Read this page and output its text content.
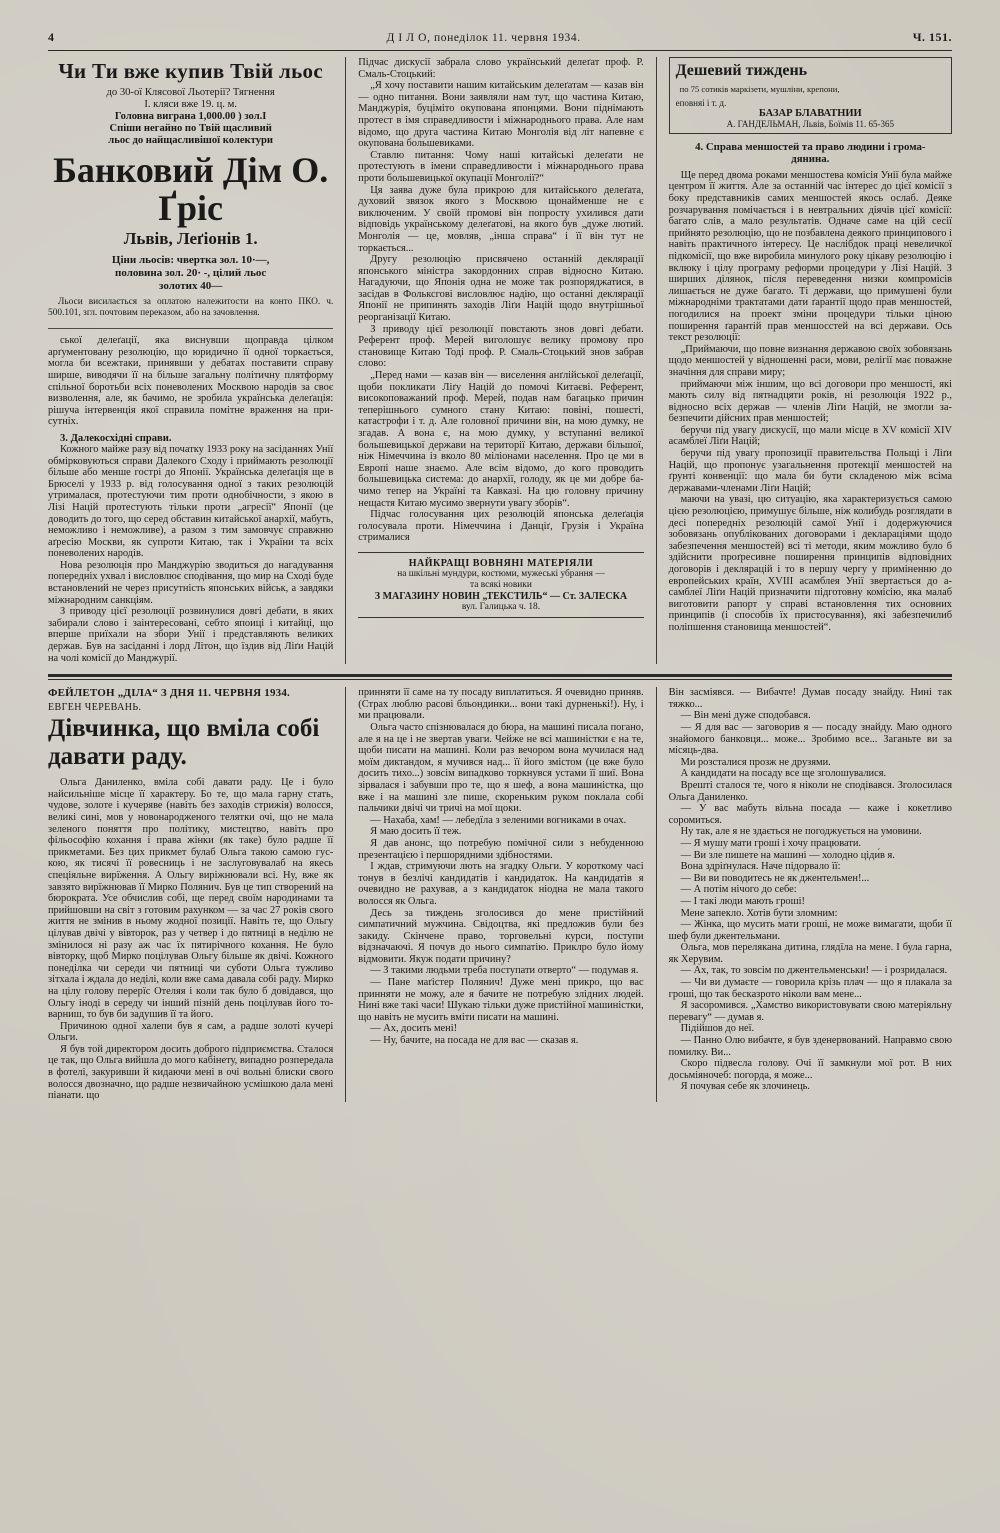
4	Д І Л О, понеділок 11. червня 1934.	Ч. 151.
Чи Ти вже купив Твій льос
до 30-ої Клясової Льотерії? Тягнення
І. кляси вже 19. ц. м.
Головна виграна 1,000.00 ) зол.І
Спіши негайно по Твій щасливий
льос до найщасливішої колектури
Банковий Дім О. Ґріс
Львів, Леґіонів 1.
Ціни льосів: чвертка зол. 10·—,
половина зол. 20· -, цілий льос
золотих 40—
Льоси висилається за оплатою належитости на конто ПКО. ч. 500.101, згл. почтовим переказом, або на зачовлення.

ської делеґації, яка виснувши щоправда цілком арґументовану резолюцію, що юридично її одної торкається, могла би всежтаки, принявши у дебатах поставити справу ширше, виводячи її на більше загальну політичну плятформу спільної боротьби всіх поневолених Москвою народів за своє визволення, але, як бачимо, не зробила українська делеґація: рішуча інтервенція якої справила помітне враження на присутніх.

3. Далекосхідні справи.

Кожного майже разу від початку 1933 року на засіданнях Унії обмірковуються справи Далекого Сходу і приймають резолюції більше або менше гострі до Японії. Українська делеґація ще в Брюселі у 1933 р. від голосування одної з таких резолюцій утрималася, протестуючи тим проти однобічности, з якою в Лізі Націй протестують тільки проти „агресії“ Японії (це доводить до того, що серед обставин китайської анархії, мабуть, неможливо і неможливе), а разом з тим замовчує справжню аґресію Москви, як супроти Китаю, так і України та всіх поневолених народів.

Нова резолюція про Манджурію зводиться до нагадування попередніх ухвал і висловлює сподівання, що мир на Сході буде встановлений не через присутність японських військ, а завдяки міжнародним санкціям.

З приводу цієї резолюції розвинулися довгі дебати, в яких забирали слово і заінтересовані, себто япоиці і китайці, що вперше приїхали на збори Унії і представляють великих держав. Був на засіданні і лорд Літон, що їздив від Ліґи Націй на чолі комісії до Манджурії.

Підчас дискусії забрала слово український делеґат проф. Р. Смаль-Стоцький:

„Я хочу поставити нашим китайським делеґатам — казав він — одно питання. Вони заявляли нам тут, що частина Китаю, Манджурія, буціміто окупована японцями. Вони піднімають протест в імя справедливости і міжнароднього права. Але нам відомо, що друга частина Китаю Монголія від літ напевне є окупована большевиками.

Ставлю питання: Чому наші китайські делеґати не протестують в імени справедливости і міжнароднього права проти большевицької окупації Монголії?“

Ця заява дуже була прикрою для китайського делеґата, духовий звязок якого з Москвою щонайменше не є виключеним. У своїй промові він попросту ухилився дати відповідь українському делеґатові, на якого був „дуже лютий. Монголія — це, мовляв, „інша справа“ і її він тут не торкається...

Другу резолюцію присвячено останній деклярації японського міністра закордонних справ відносно Китаю. Нагадуючи, що Японія одна не може так розпоряджатися, в засідав в Фольксгові висловлює надію, що останні деклярації Японії не припинять заходів Ліґи Націй щодо внутрішньої реорганізації Китаю.

З приводу цієї резолюції повстають знов довгі дебати. Референт проф. Мерей виголошує велику промову про становище Китаю Тоді проф. Р. Смаль-Стоцький знов забрав слово:

„Перед нами — казав він — виселення анґлійської делеґації, щоби покликати Ліґу Націй до помочі Китаєві. Референт, високоповажаний проф. Мерей, подав нам багацько причин теперішнього сумного стану Китаю: повіні, пошесті, катастрофи і т. д. Але головної причини він, на мою думку, не згадав. А вона є, на мою думку, у вступанні великої большевицької держави на території Китаю, держави більшої, ніж Німеччина із вколо 80 міліонами населення. Про це ми в Европі наше знаємо. Але всім відомо, до кого проводить большевицька система: до анархії, голоду, як це ми добре бачимо тепер на Україні та Кавказі. На цю головну причину нещастя Китаю мусимо звернути увагу зборів“.

Підчас голосування цих резолюцій японська делеґація голосувала проти. Німеччина і Данціґ, Грузія і Україна стрималися

НАЙКРАЩІ ВОВНЯНІ МАТЕРІЯЛИ
на шкільні мундури, костюми, мужеські убрання —
та всякі новики
З МАГАЗИНУ НОВИН „ТЕКСТИЛЬ“ — Ст. ЗАЛЕСКА
вул. Галицька ч. 18.
Дешевий тижденьпо 75 сотиків маркізети, мушліни, крепони,
еповняі і т. д.
БАЗАР БЛАВАТНИИ
А. ГАНДЕЛЬМАН, Львів, Боїмів 11. 65-365
4. Справа меншостей та право людини і грома-
дянина.

Ще перед двома роками меншостева комісія Унії була майже центром її життя. Але за останній час інтерес до цієї комісії з боку представників самих меншостей якось ослаб. Деяке розчарування помічається і в невтральних діячів цієї комісії: багато слів, а мало результатів. Одначе саме на цій сесії прийнято резолюцію, що не позбавлена деякого принципового і навіть практичного інтересу. Це наслібдок праці невеличкої підкомісії, що вже виробила минулого року цікаву резолюцію і вклюку і цілу програму реформи процедури у Лізі Націй. З ширших ділянок, після переведення низки компромісів лишається не дуже багато. Ті держави, що примушені були міжнародніми трактатами дати ґарантії щодо прав меншостей, погодилися на проект зміни процедури тільки ціною поширення ґарантій прав меншосстей на всі держави. Ось текст резолюції:

„Приймаючи, що повне визнання державою своїх зобовязань щодо меншостей у відношенні раси, мови, релігії має поважне значіння для справи миру;

приймаючи між іншим, що всі договори про меншості, які мають силу від пятнадцяти років, ні резолюція 1922 р., відносно всіх держав — членів Ліґи Націй, не змогли забезпечити дійсних прав меншостей;

беручи під увагу дискусії, що мали місце в XV комісії XIV асамблеї Ліґи Націй;

беручи під увагу пропозиції правительства Польщі і Ліґи Націй, що пропонує узагальнення протекції меншостей на ґрунті конвенції: що мала би бути складеною між всіма державами-членами Ліґи Націй;

маючи на увазі, цю ситуацію, яка характеризується самою цією резолюцією, примушує більше, ніж колибудь розглядати в десі попередніх резолюцій самої Унії і додержуючися зобовязань опублікованих договорами і деклараціями щодо забезпечення меншостей) всі ті методи, яким можливо було б здійснити проґресивне поширення принципів відповідних договорів і деклярацій і то в першу чергу у приміненню до европейських країн, XVIII асамблея Унії звертається до асамблеї Ліґи Націй призначити підготовну комісію, яка малаб виготовити рапорт у справі встановлення тих основних принципів (і способів їх пристосування), які забезпечилиб поліпшення становища меншостей“.

ФЕЙЛЕТОН „ДІЛА“ З ДНЯ 11. ЧЕРВНЯ 1934.
ЕВГЕН ЧЕРЕВАНЬ.
Дівчинка, що вміла собі давати раду.

Ольга Даниленко, вміла собі давати раду. Це і було найсильніше місце її характеру. Бо те, що мала гарну стать, чудове, золоте і кучеряве (навіть без заходів стрижія) волосся, великі сині, мов у новонародженого телятки очі, що не мала зеленого поняття про політику, мистецтво, навіть про фільософію кохання і права жінки (як таке) було радше її прикметами. Без цих прикмет булаб Ольга такою самою гускою, як тисячі її ровесниць і не заслуговувалаб на якесь спеціяльне вирїження. А Ольгу виріжнювали всі. Ну, вже як завзято вирїжнював її Мирко Полянич. Був це тип створений на бюрократа. Усе обчислив собі, ще перед своїм народинами та прийшовши на світ з готовим рахунком — за час 27 років свого життя не змінив в ньому жодної позиції. Навіть те, що Ольгу цілував двічі у вівторок, раз у четвер і до пятниці в неділю не змінилося ні разу аж час їх пятирічного кохання. Не було вівторку, щоб Мирко поцілував Ольгу більше як двічі. Кожного понеділка чи середи чи пятниці чи суботи Ольга тужливо зітхала і ждала до неділі, коли вже сама давала собі раду. Мирко на цілу голову перерїс Отеляя і коли так було б довідався, що Ольгу іноді в середу чи інший пізній день поцілував його товарниш, то був би задушив її та його.

Причиною одної халепи був я сам, а радше золоті кучері Ольги.

Я був той директором досить доброго підприємства. Сталося це так, що Ольга вийшла до мого кабінету, випадно розпередала в фотелі, закуривши й кидаючи мені в очі вольні блиски свого волосся двозначно, що радше незвичайною усмішкою дала мені піанати. що

принняти її саме на ту посаду виплатиться. Я очевидно приняв. (Страх люблю расові бльондинки... вони такі дурненькі!). Ну, і ми працювали.

Ольга часто спізнювалася до бюра, на машині писала погано, але я на це і не звертав уваги. Чейже не всі машиністки є на те, щоби писати на машині. Коли раз вечором вона мучилася над моїм диктандом, я мучився над... її його змістом (це вже було досить тихо...) зовсім випадково торкнувся устами її шиї. Вона зірвалася і забувши про те, що я шеф, а вона машиністка, що вже і на машині зле пише, скореньким руком поклала собі пальчики двічі чи тричі на мої щоки.

— Нахаба, хам! — лебедїла з зеленими вогниками в очах.

Я маю досить її теж.

Я дав анонс, що потребую помічної сили з небуденною презентацією і першорядними здібностями.

І ждав, стримуючи лють на згадку Ольги. У короткому часі тонув в безлічі кандидатів і кандидаток. На кандидатів я очевидно не рахував, а з кандидаток ніодна не мала такого волосся як Ольга.

Десь за тиждень зголосився до мене пристійний симпатичний мужчина. Свідоцтва, які предложив були без закиду. Скінчене право, торговельні курси, поступи відзначаючі. Я почув до нього симпатію. Приклро було йому відмовити. Якуж подати причину?

— З такими людьми треба поступати отверто“ — подумав я.

— Пане маґістер Полянич! Дуже мені прикро, що вас принняти не можу, але я бачите не потребую злідних людей. Нині вже такі часи! Шукаю тільки дуже пристійної машиністки, що навіть не мусить вміти писати на машині.

— Ах, досить мені!

— Ну, бачите, на посада не для вас — сказав я.

Він засміявся. — Вибачте! Думав посаду знайду. Нині так тяжко...

— Він мені дуже сподобався.

— Я для вас — заговорив я — посаду знайду. Маю одного знайомого банковця... може... Зробимо все... Заганьте ви за місяць-два.

Ми розсталися прозж не друзями.

А кандидати на посаду все ще зголошувалися.

Врешті сталося те, чого я ніколи не сподівався. Зголосилася Ольга Даниленко.

— У вас мабуть вільна посада — каже і кокетливо соромиться.

Ну так, але я не здається не погоджується на умовини.

— Я мушу мати гроші і хочу працювати.

— Ви зле пишете на машині — холодно ціди́в я.

Вона здріґнулася. Наче підорвало її:

— Ви ви поводитесь не як джентельмен!...

— А потім нічого до себе:

— І такі люди мають гроші!

Мене запекло. Хотів бути зломним:

— Жінка, що мусить мати гроші, не може вимагати, щоби її шеф були джентельмани.

Ольга, мов переляканa дитина, глядїла на мене. І була гарна, як Херувим.

— Ах, так, то зовсім по джентельменськи! — і розридалася.

— Чи ви думаєте — говорила крізь плач — що я плакала за гроші, що так бесказрото ніколи вам мене...

Я засоромився. „Хамство використовувати свою матеріяльну перевагу“ — думав я.

Підійшов до неї.

— Панно Олю вибачте, я був зденервований. Направмо свою помилку. Ви...

Скоро підвесла голову. Очі її замкнули мої рот. В них досьміяночеб: погордa, я може...

Я почувая себе як злочинець.
